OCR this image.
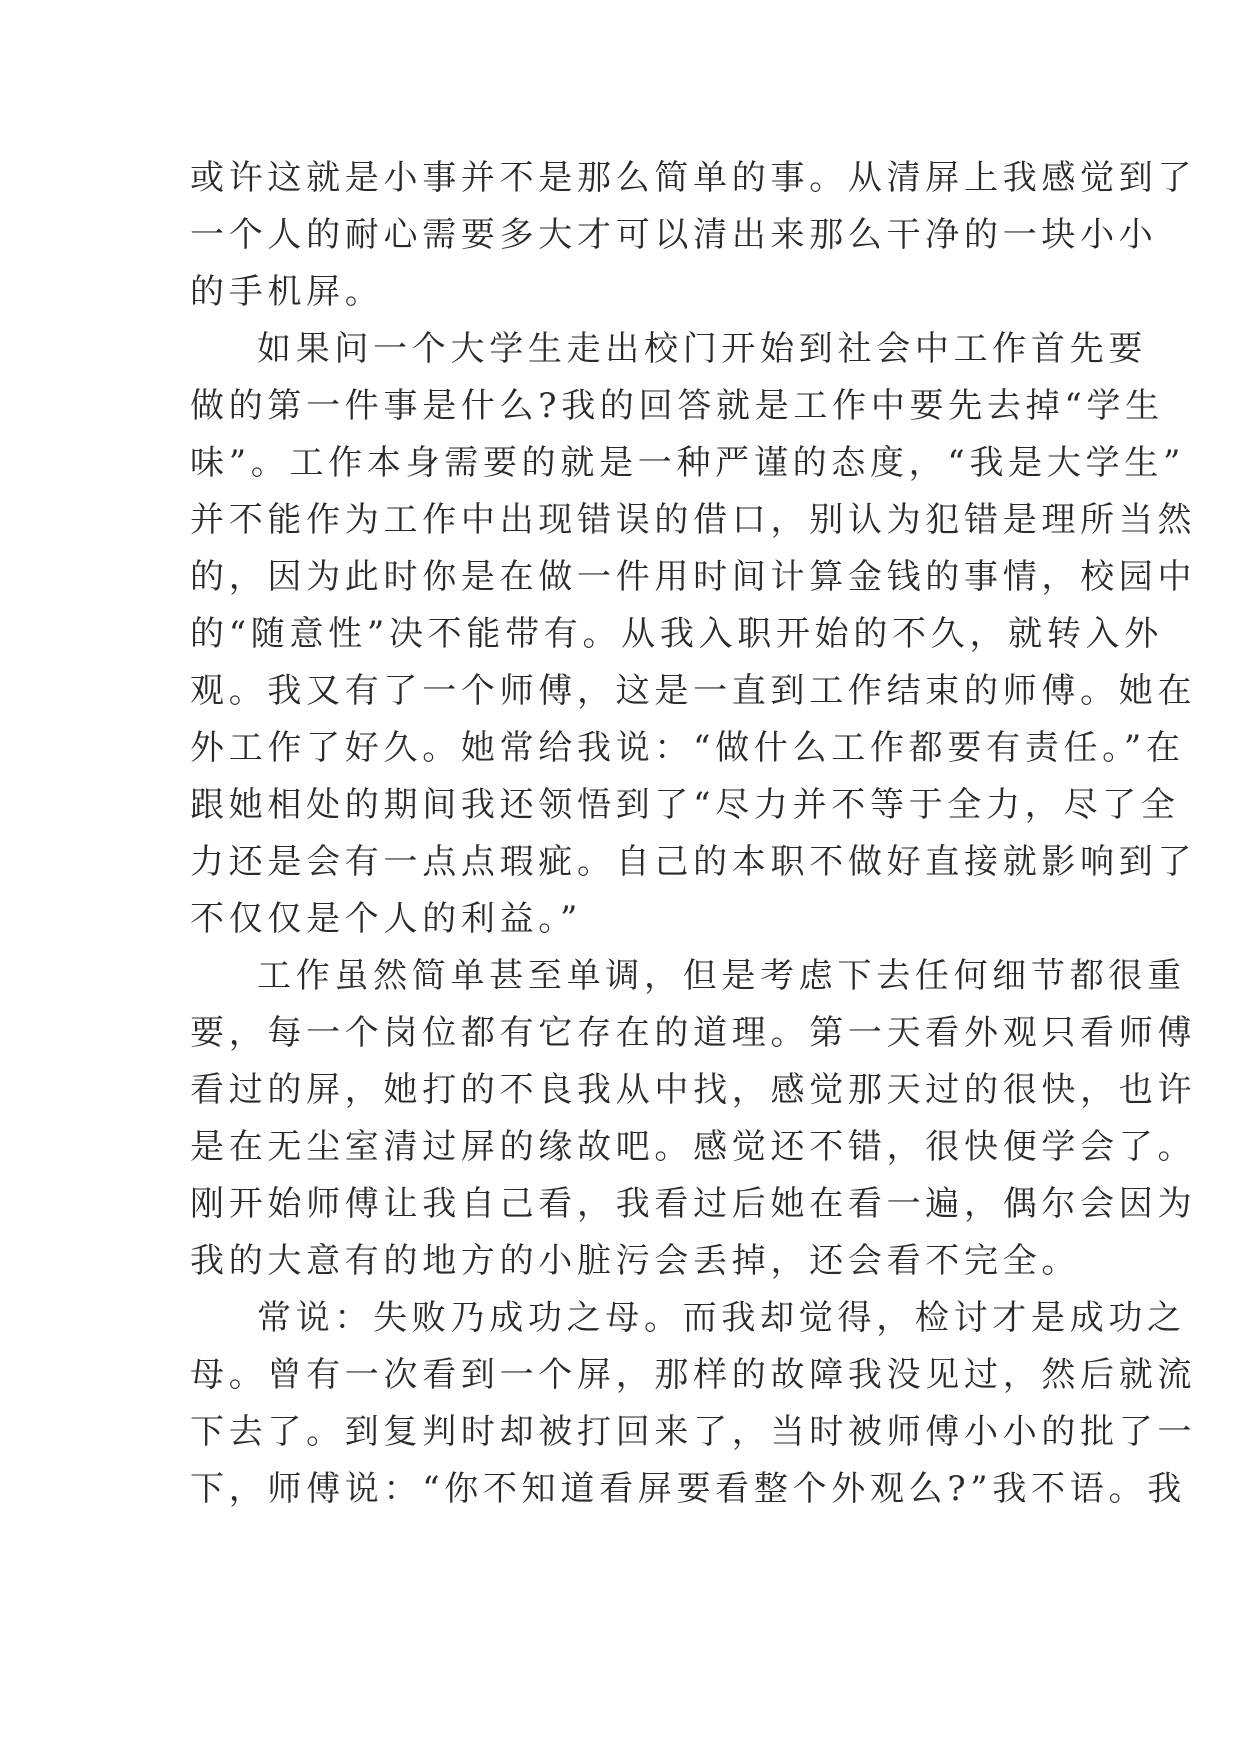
或许这就是小事并不是那么简单的事。从清屏上我感觉到了
一个人的耐心需要多大才可以清出来那么干净的一块小小
的手机屏。

如果问一个大学生走出校门开始到社会中工作首先要
做的第一件事是什么?我的回答就是工作中要先去掉“学生
味”。工作本身需要的就是一种严谨的态度，“我是大学生”
并不能作为工作中出现错误的借口，别认为犯错是理所当然
的，因为此时你是在做一件用时间计算金钱的事情，校园中
的“随意性”决不能带有。从我入职开始的不久，就转入外
观。我又有了一个师傅，这是一直到工作结束的师傅。她在
外工作了好久。她常给我说：“做什么工作都要有责任。”在
跟她相处的期间我还领悟到了“尽力并不等于全力，尽了全
力还是会有一点点瑕疵。自己的本职不做好直接就影响到了
不仅仅是个人的利益。”

工作虽然简单甚至单调，但是考虑下去任何细节都很重
要，每一个岗位都有它存在的道理。第一天看外观只看师傅
看过的屏，她打的不良我从中找，感觉那天过的很快，也许
是在无尘室清过屏的缘故吧。感觉还不错，很快便学会了。
刚开始师傅让我自己看，我看过后她在看一遍，偶尔会因为
我的大意有的地方的小脏污会丢掉，还会看不完全。

常说：失败乃成功之母。而我却觉得，检讨才是成功之
母。曾有一次看到一个屏，那样的故障我没见过，然后就流
下去了。到复判时却被打回来了，当时被师傅小小的批了一
下，师傅说：“你不知道看屏要看整个外观么?”我不语。我
